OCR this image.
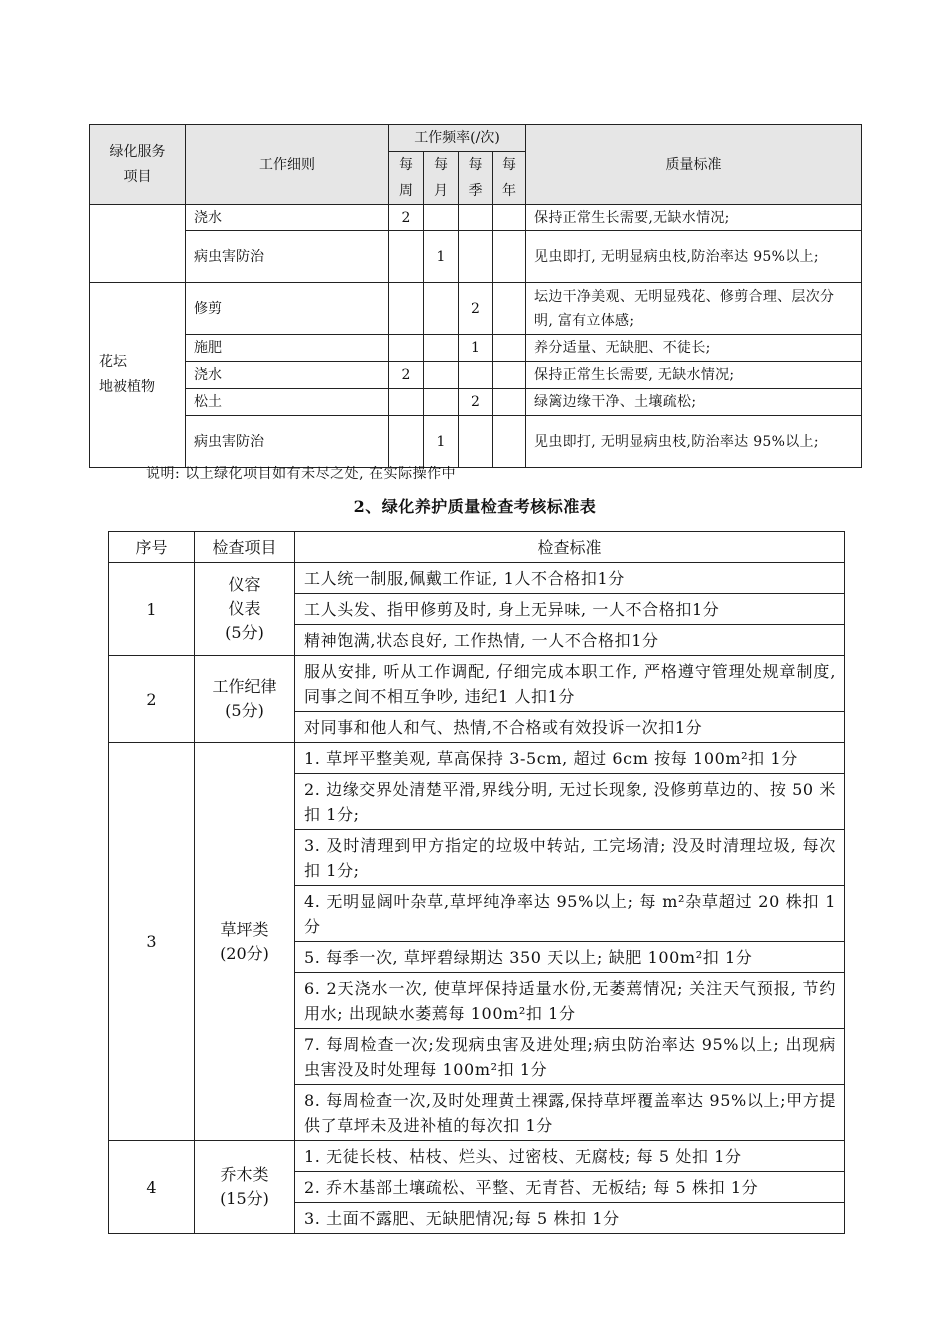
绿化服务项目	工作细则	工作频率(/次)				质量标准

		每周	每月	每季	每年	

	浇水	2				保持正常生长需要,无缺水情况;
	病虫害防治		1			见虫即打, 无明显病虫枝,防治率达 95%以上;
花坛
地被植物	修剪			2		坛边干净美观、无明显残花、修剪合理、层次分明, 富有立体感;
	施肥			1		养分适量、无缺肥、不徒长;
	浇水	2				保持正常生长需要, 无缺水情况;
	松土			2		绿篱边缘干净、土壤疏松;
	病虫害防治		1			见虫即打, 无明显病虫枝,防治率达 95%以上;
说明: 以上绿化项目如有未尽之处, 在实际操作中
2、绿化养护质量检查考核标准表
序号	检查项目	检查标准
1	仪容
仪表
(5分)	工人统一制服,佩戴工作证, 1人不合格扣1分
		工人头发、指甲修剪及时, 身上无异味, 一人不合格扣1分
		精神饱满,状态良好, 工作热情, 一人不合格扣1分
2	工作纪律
(5分)	服从安排, 听从工作调配, 仔细完成本职工作, 严格遵守管理处规章制度, 同事之间不相互争吵, 违纪1 人扣1分
		对同事和他人和气、热情,不合格或有效投诉一次扣1分
3	草坪类
(20分)	1. 草坪平整美观, 草高保持 3-5cm, 超过 6cm 按每 100m²扣 1分
		2. 边缘交界处清楚平滑,界线分明, 无过长现象, 没修剪草边的、按 50 米扣 1分;
		3. 及时清理到甲方指定的垃圾中转站, 工完场清; 没及时清理垃圾, 每次扣 1分;
		4. 无明显阔叶杂草,草坪纯净率达 95%以上; 每 m²杂草超过 20 株扣 1分
		5. 每季一次, 草坪碧绿期达 350 天以上; 缺肥 100m²扣 1分
		6. 2天浇水一次, 使草坪保持适量水份,无萎蔫情况; 关注天气预报, 节约用水; 出现缺水萎蔫每 100m²扣 1分
		7. 每周检查一次;发现病虫害及进处理;病虫防治率达 95%以上; 出现病虫害没及时处理每 100m²扣 1分
		8. 每周检查一次,及时处理黄土裸露,保持草坪覆盖率达 95%以上;甲方提供了草坪未及进补植的每次扣 1分
4	乔木类
(15分)	1. 无徒长枝、枯枝、烂头、过密枝、无腐枝; 每 5 处扣 1分
		2. 乔木基部土壤疏松、平整、无青苔、无板结; 每 5 株扣 1分
		3. 土面不露肥、无缺肥情况;每 5 株扣 1分
